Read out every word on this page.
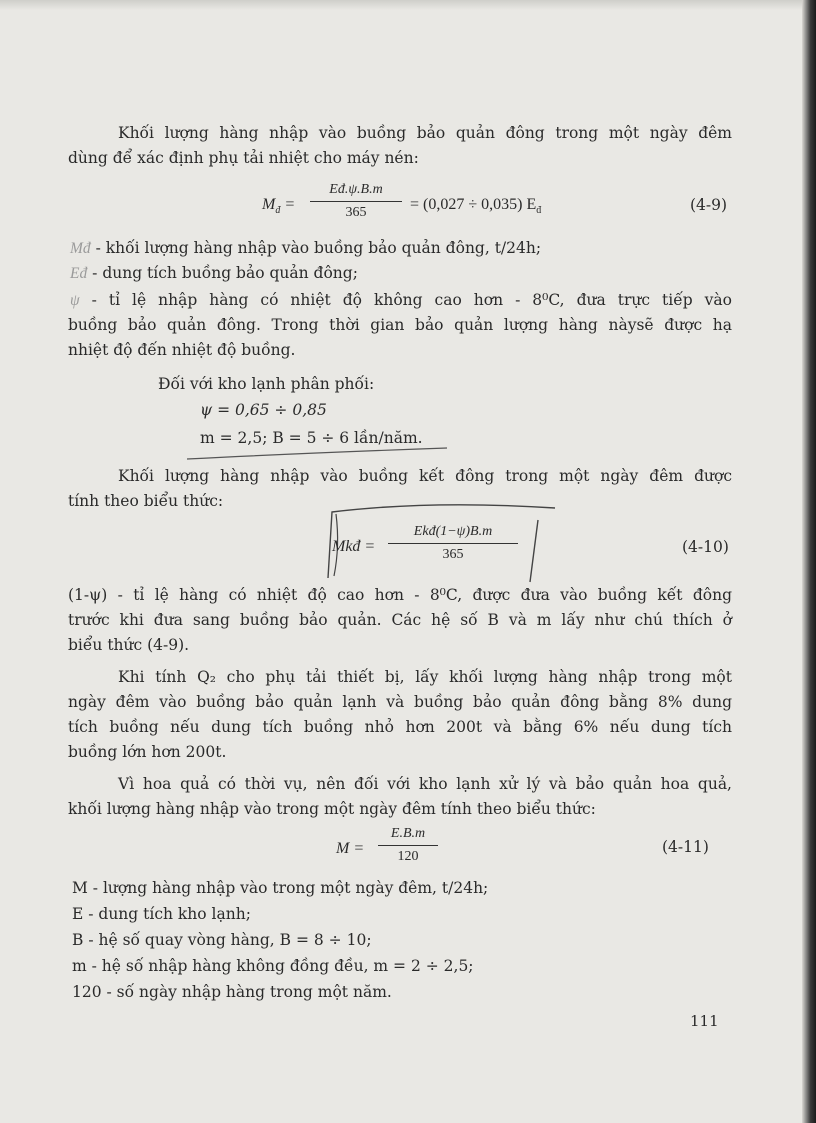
Khối lượng hàng nhập vào buồng bảo quản đông trong một ngày đêm
dùng để xác định phụ tải nhiệt cho máy nén:
$M_đ = \frac{Eđ.\psi.B.m}{365} = (0,027 \div 0,035)$ $E_đ$	(4-9)
Mđ - khối lượng hàng nhập vào buồng bảo quản đông, t/24h;
Eđ - dung tích buồng bảo quản đông;
ψ - tỉ lệ nhập hàng có nhiệt độ không cao hơn - 8⁰C, đưa trực tiếp vào
buồng bảo quản đông. Trong thời gian bảo quản lượng hàng nàysẽ được hạ
nhiệt độ đến nhiệt độ buồng.
Đối với kho lạnh phân phối:
ψ = 0,65 ÷ 0,85
m = 2,5; B = 5 ÷ 6 lần/năm.
Khối lượng hàng nhập vào buồng kết đông trong một ngày đêm được
tính theo biểu thức:
Mkđ =
Ekđ(1−ψ)B.m
365	(4-10)
(1-ψ) - tỉ lệ hàng có nhiệt độ cao hơn - 8⁰C, được đưa vào buồng kết đông
trước khi đưa sang buồng bảo quản. Các hệ số B và m lấy như chú thích ở
biểu thức (4-9).
Khi tính Q₂ cho phụ tải thiết bị, lấy khối lượng hàng nhập trong một
ngày đêm vào buồng bảo quản lạnh và buồng bảo quản đông bằng 8% dung
tích buồng nếu dung tích buồng nhỏ hơn 200t và bằng 6% nếu dung tích
buồng lớn hơn 200t.
Vì hoa quả có thời vụ, nên đối với kho lạnh xử lý và bảo quản hoa quả,
khối lượng hàng nhập vào trong một ngày đêm tính theo biểu thức:
$M = \frac{E.B.m}{120}$	(4-11)
M - lượng hàng nhập vào trong một ngày đêm, t/24h;
E - dung tích kho lạnh;
B - hệ số quay vòng hàng, B = 8 ÷ 10;
m - hệ số nhập hàng không đồng đều, m = 2 ÷ 2,5;
120 - số ngày nhập hàng trong một năm.
111
